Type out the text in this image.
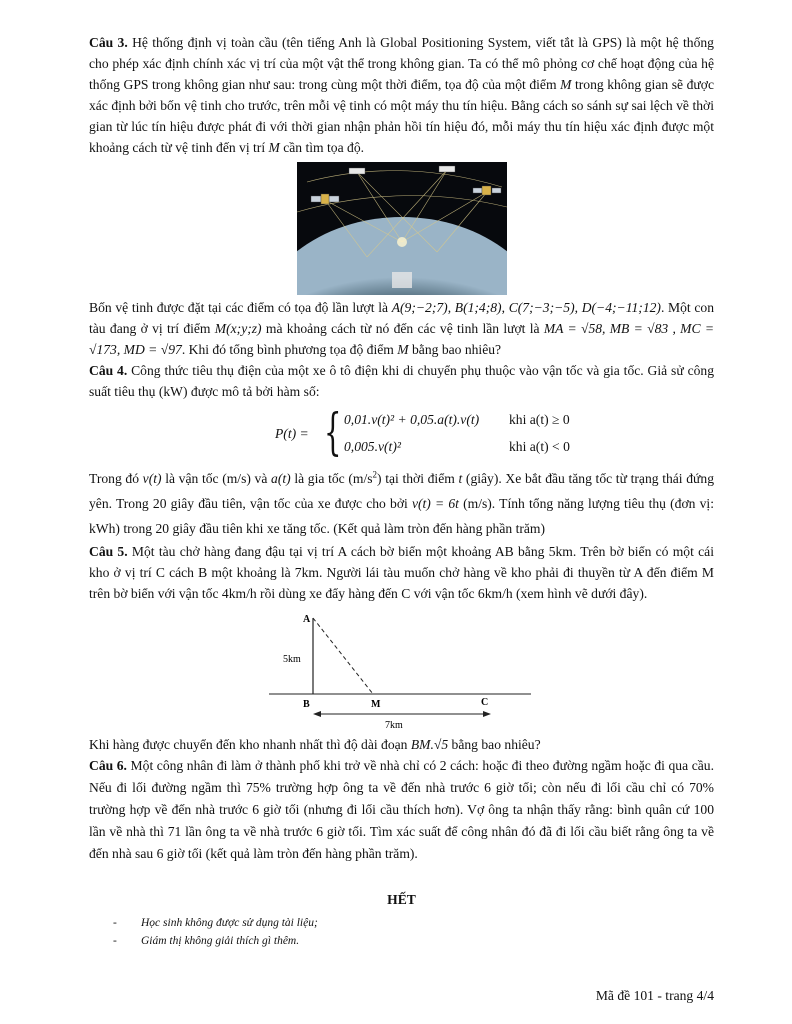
Câu 3. Hệ thống định vị toàn cầu (tên tiếng Anh là Global Positioning System, viết tắt là GPS) là một hệ thống cho phép xác định chính xác vị trí của một vật thể trong không gian. Ta có thể mô phỏng cơ chế hoạt động của hệ thống GPS trong không gian như sau: trong cùng một thời điểm, tọa độ của một điểm M trong không gian sẽ được xác định bởi bốn vệ tinh cho trước, trên mỗi vệ tinh có một máy thu tín hiệu. Bằng cách so sánh sự sai lệch về thời gian từ lúc tín hiệu được phát đi với thời gian nhận phản hồi tín hiệu đó, mỗi máy thu tín hiệu xác định được một khoảng cách từ vệ tinh đến vị trí M cần tìm tọa độ.

Bốn vệ tinh được đặt tại các điểm có tọa độ lần lượt là A(9;−2;7), B(1;4;8), C(7;−3;−5), D(−4;−11;12). Một con tàu đang ở vị trí điểm M(x;y;z) mà khoảng cách từ nó đến các vệ tinh lần lượt là MA = √58, MB = √83 , MC = √173, MD = √97. Khi đó tổng bình phương tọa độ điểm M bằng bao nhiêu?

Câu 4. Công thức tiêu thụ điện của một xe ô tô điện khi di chuyển phụ thuộc vào vận tốc và gia tốc. Giả sử công suất tiêu thụ (kW) được mô tả bởi hàm số:

P(t) = { 0,01.v(t)² + 0,05.a(t).v(t) khi a(t) ≥ 0
0,005.v(t)²	khi a(t) < 0

Trong đó v(t) là vận tốc (m/s) và a(t) là gia tốc $(m/s^2)$ tại thời điểm t (giây). Xe bắt đầu tăng tốc từ trạng thái đứng yên. Trong 20 giây đầu tiên, vận tốc của xe được cho bởi v(t) = 6t (m/s). Tính tổng năng lượng tiêu thụ (đơn vị: kWh) trong 20 giây đầu tiên khi xe tăng tốc. (Kết quả làm tròn đến hàng phần trăm)

Câu 5. Một tàu chở hàng đang đậu tại vị trí A cách bờ biển một khoảng AB bằng 5km. Trên bờ biển có một cái kho ở vị trí C cách B một khoảng là 7km. Người lái tàu muốn chở hàng về kho phải đi thuyền từ A đến điểm M trên bờ biển với vận tốc 4km/h rồi dùng xe đẩy hàng đến C với vận tốc 6km/h (xem hình vẽ dưới đây).

A
5km
B	M	C
7km

Khi hàng được chuyển đến kho nhanh nhất thì độ dài đoạn BM.√5 bằng bao nhiêu?

Câu 6. Một công nhân đi làm ở thành phố khi trở về nhà chỉ có 2 cách: hoặc đi theo đường ngầm hoặc đi qua cầu. Nếu đi lối đường ngầm thì 75% trường hợp ông ta về đến nhà trước 6 giờ tối; còn nếu đi lối cầu chỉ có 70% trường hợp về đến nhà trước 6 giờ tối (nhưng đi lối cầu thích hơn). Vợ ông ta nhận thấy rằng: bình quân cứ 100 lần về nhà thì 71 lần ông ta về nhà trước 6 giờ tối. Tìm xác suất để công nhân đó đã đi lối cầu biết rằng ông ta về đến nhà sau 6 giờ tối (kết quả làm tròn đến hàng phần trăm).

HẾT
- Học sinh không được sử dụng tài liệu;
- Giám thị không giải thích gì thêm.
Mã đề 101 - trang 4/4
